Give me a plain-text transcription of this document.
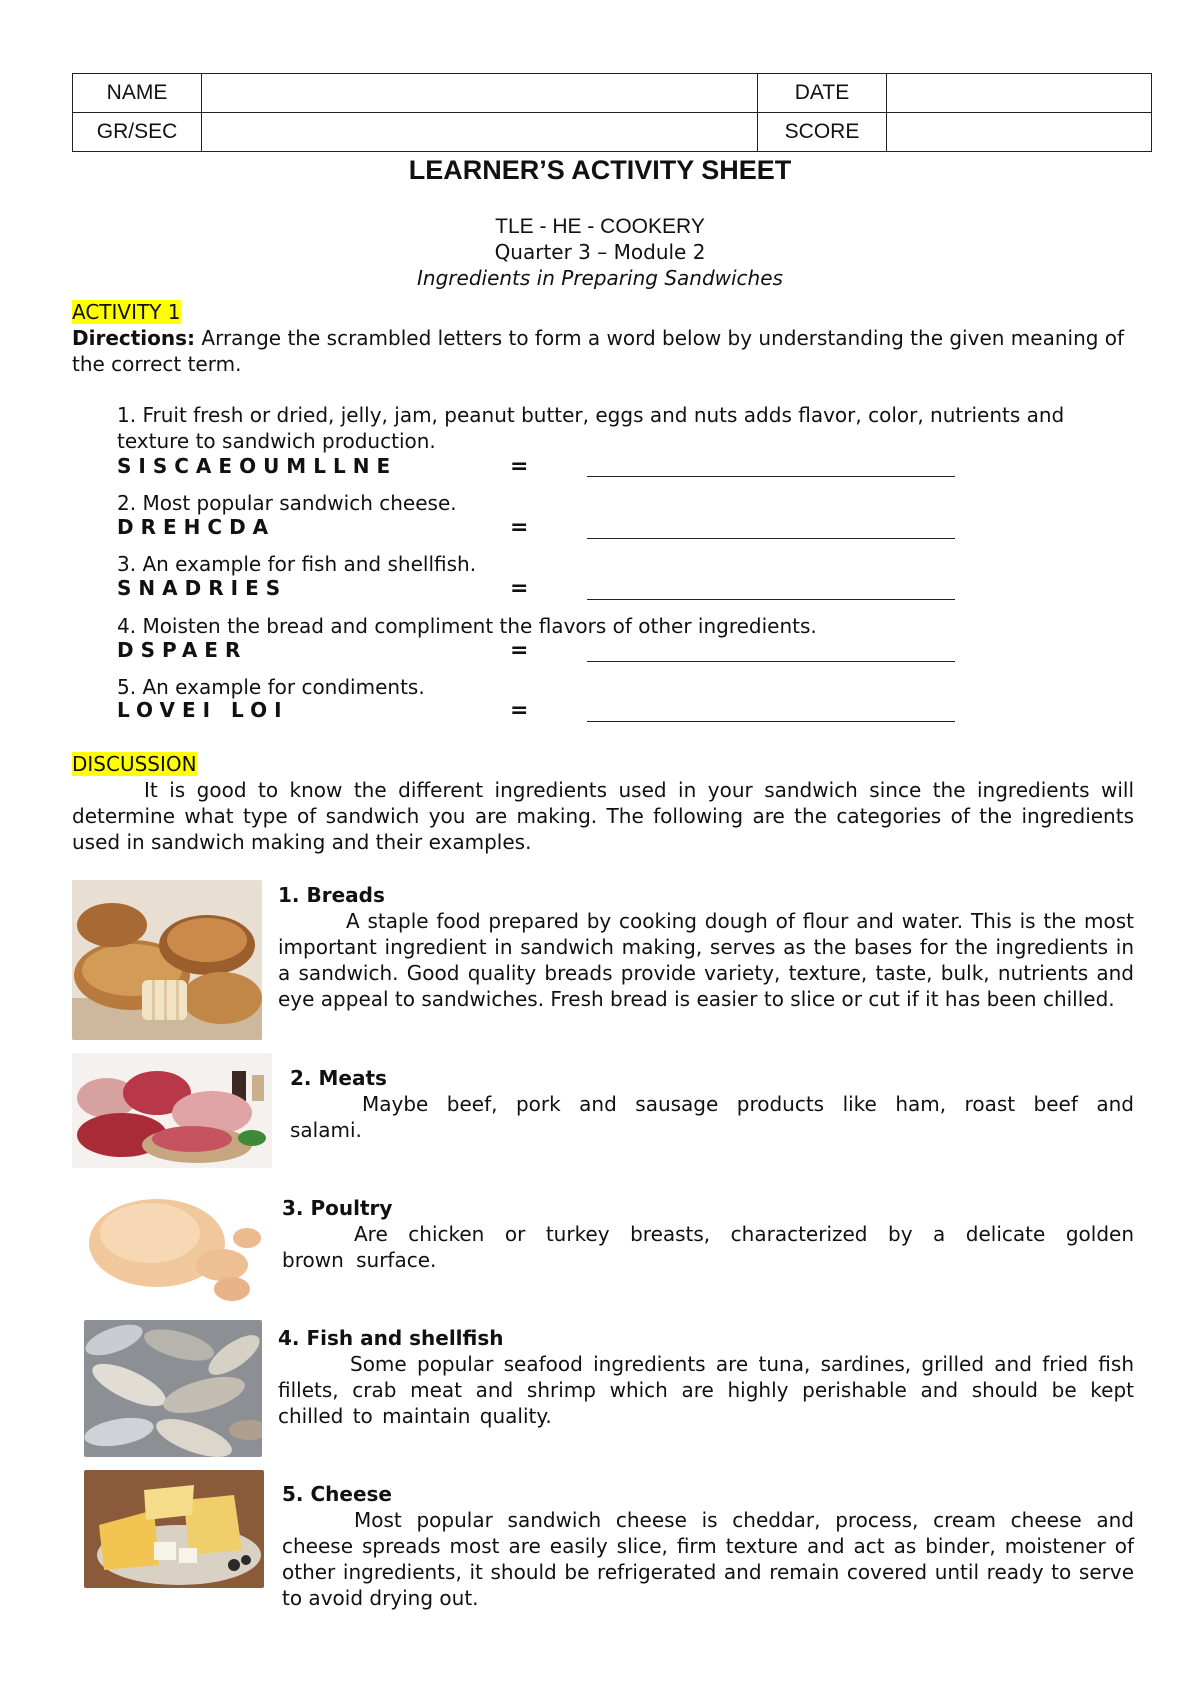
NAME		DATE	
GR/SEC		SCORE	
LEARNER’S ACTIVITY SHEET
TLE - HE - COOKERY
Quarter 3 – Module 2
Ingredients in Preparing Sandwiches
ACTIVITY 1
Directions: Arrange the scrambled letters to form a word below by understanding the given meaning of the correct term.
1. Fruit fresh or dried, jelly, jam, peanut butter, eggs and nuts adds flavor, color, nutrients and texture to sandwich production.
SISCAEOUMLLNE	=
2. Most popular sandwich cheese.
DREHCDA	=
3. An example for fish and shellfish.
SNADRIES	=
4. Moisten the bread and compliment the flavors of other ingredients.
DSPAER	=
5. An example for condiments.
LOVEI LOI	=
DISCUSSION
It is good to know the different ingredients used in your sandwich since the ingredients will determine what type of sandwich you are making. The following are the categories of the ingredients used in sandwich making and their examples.
1. Breads
A staple food prepared by cooking dough of flour and water. This is the most important ingredient in sandwich making, serves as the bases for the ingredients in a sandwich. Good quality breads provide variety, texture, taste, bulk, nutrients and eye appeal to sandwiches. Fresh bread is easier to slice or cut if it has been chilled.
2. Meats
Maybe beef, pork and sausage products like ham, roast beef and salami.
3. Poultry
Are chicken or turkey breasts, characterized by a delicate golden brown surface.
4. Fish and shellfish
Some popular seafood ingredients are tuna, sardines, grilled and fried fish fillets, crab meat and shrimp which are highly perishable and should be kept chilled to maintain quality.
5. Cheese
Most popular sandwich cheese is cheddar, process, cream cheese and cheese spreads most are easily slice, firm texture and act as binder, moistener of other ingredients, it should be refrigerated and remain covered until ready to serve to avoid drying out.
